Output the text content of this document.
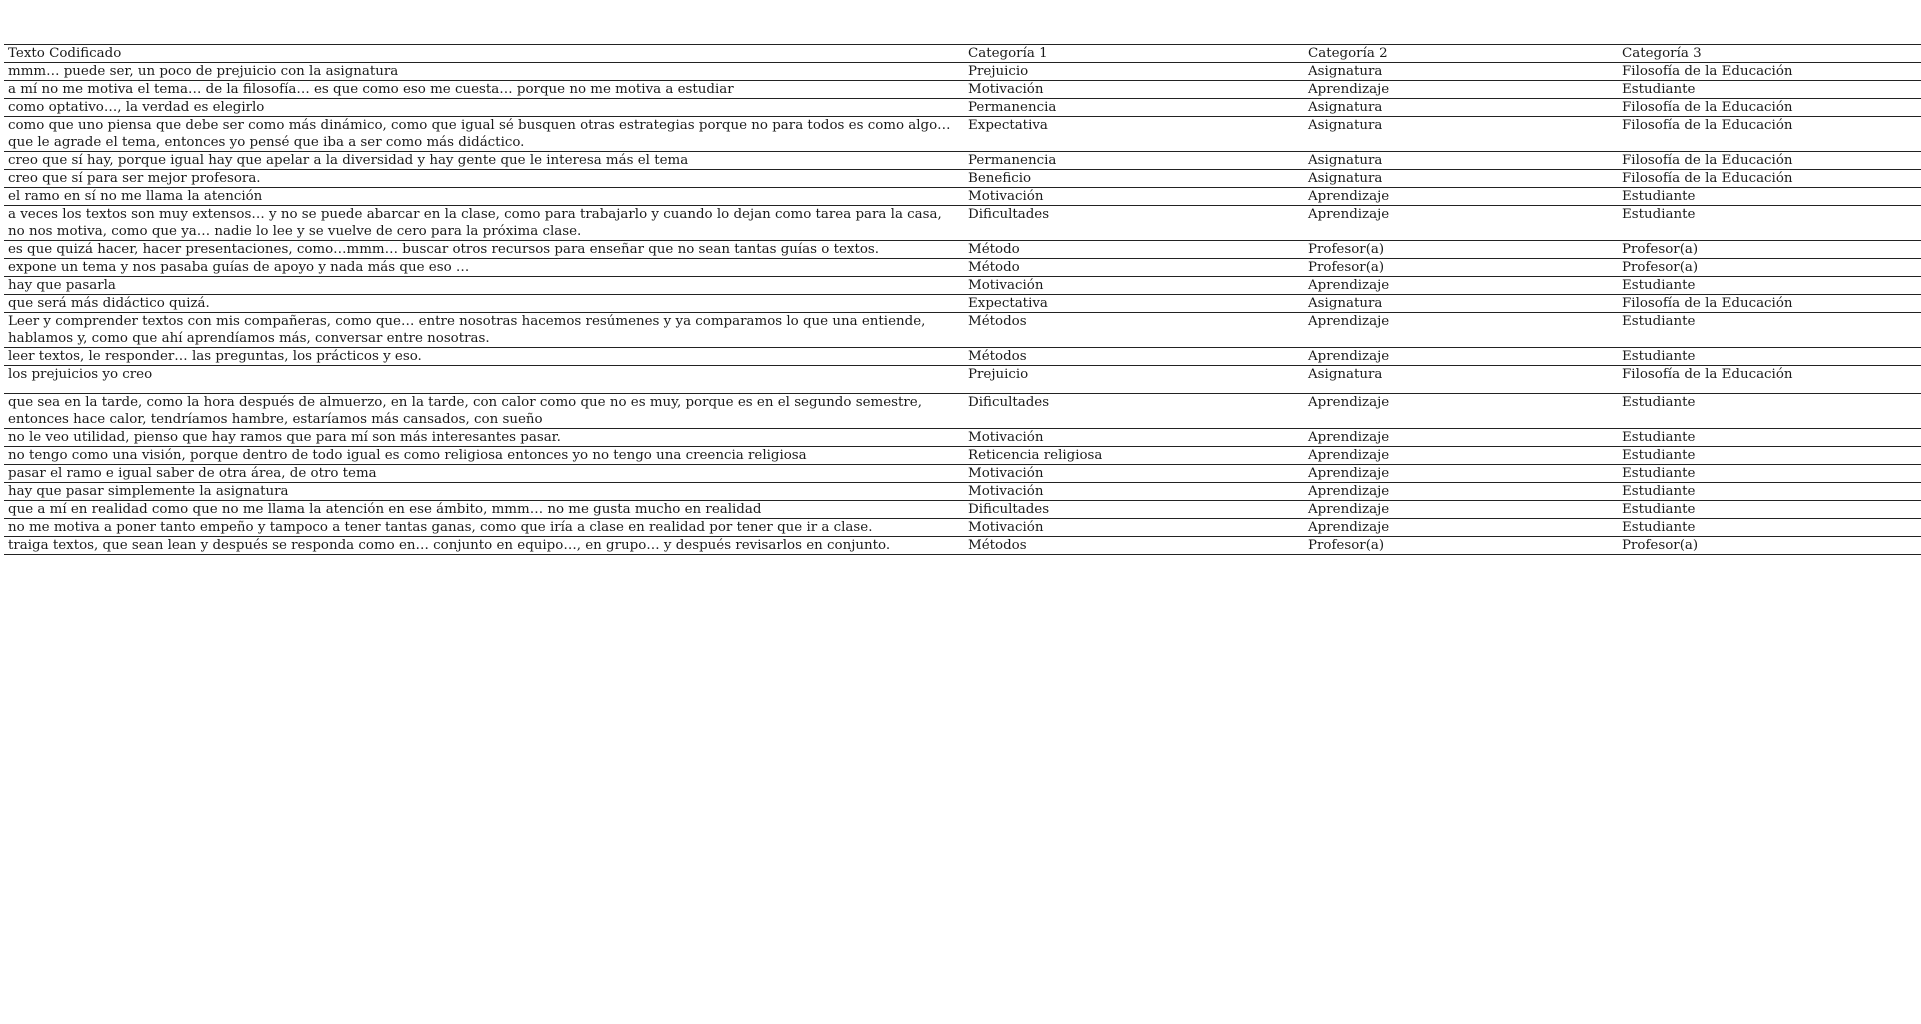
Texto Codificado	Categoría 1	Categoría 2	Categoría 3
mmm… puede ser, un poco de prejuicio con la asignatura	Prejuicio	Asignatura	Filosofía de la Educación
a mí no me motiva el tema… de la filosofía… es que como eso me cuesta… porque no me motiva a estudiar	Motivación	Aprendizaje	Estudiante
como optativo…, la verdad es elegirlo	Permanencia	Asignatura	Filosofía de la Educación
como que uno piensa que debe ser como más dinámico, como que igual sé busquen otras estrategias porque no para todos es como algo… que le agrade el tema, entonces yo pensé que iba a ser como más didáctico.	Expectativa	Asignatura	Filosofía de la Educación
creo que sí hay, porque igual hay que apelar a la diversidad y hay gente que le interesa más el tema	Permanencia	Asignatura	Filosofía de la Educación
creo que sí para ser mejor profesora.	Beneficio	Asignatura	Filosofía de la Educación
el ramo en sí no me llama la atención	Motivación	Aprendizaje	Estudiante
a veces los textos son muy extensos… y no se puede abarcar en la clase, como para trabajarlo y cuando lo dejan como tarea para la casa, no nos motiva, como que ya… nadie lo lee y se vuelve de cero para la próxima clase.	Dificultades	Aprendizaje	Estudiante
es que quizá hacer, hacer presentaciones, como…mmm… buscar otros recursos para enseñar que no sean tantas guías o textos.	Método	Profesor(a)	Profesor(a)
expone un tema y nos pasaba guías de apoyo y nada más que eso …	Método	Profesor(a)	Profesor(a)
hay que pasarla	Motivación	Aprendizaje	Estudiante
que será más didáctico quizá.	Expectativa	Asignatura	Filosofía de la Educación
Leer y comprender textos con mis compañeras, como que… entre nosotras hacemos resúmenes y ya comparamos lo que una entiende, hablamos y, como que ahí aprendíamos más, conversar entre nosotras.	Métodos	Aprendizaje	Estudiante
leer textos, le responder… las preguntas, los prácticos y eso.	Métodos	Aprendizaje	Estudiante
los prejuicios yo creo	Prejuicio	Asignatura	Filosofía de la Educación
que sea en la tarde, como la hora después de almuerzo, en la tarde, con calor como que no es muy, porque es en el segundo semestre, entonces hace calor, tendríamos hambre, estaríamos más cansados, con sueño	Dificultades	Aprendizaje	Estudiante
no le veo utilidad, pienso que hay ramos que para mí son más interesantes pasar.	Motivación	Aprendizaje	Estudiante
no tengo como una visión, porque dentro de todo igual es como religiosa entonces yo no tengo una creencia religiosa	Reticencia religiosa	Aprendizaje	Estudiante
pasar el ramo e igual saber de otra área, de otro tema	Motivación	Aprendizaje	Estudiante
hay que pasar simplemente la asignatura	Motivación	Aprendizaje	Estudiante
que a mí en realidad como que no me llama la atención en ese ámbito, mmm… no me gusta mucho en realidad	Dificultades	Aprendizaje	Estudiante
no me motiva a poner tanto empeño y tampoco a tener tantas ganas, como que iría a clase en realidad por tener que ir a clase.	Motivación	Aprendizaje	Estudiante
traiga textos, que sean lean y después se responda como en… conjunto en equipo…, en grupo… y después revisarlos en conjunto.	Métodos	Profesor(a)	Profesor(a)
